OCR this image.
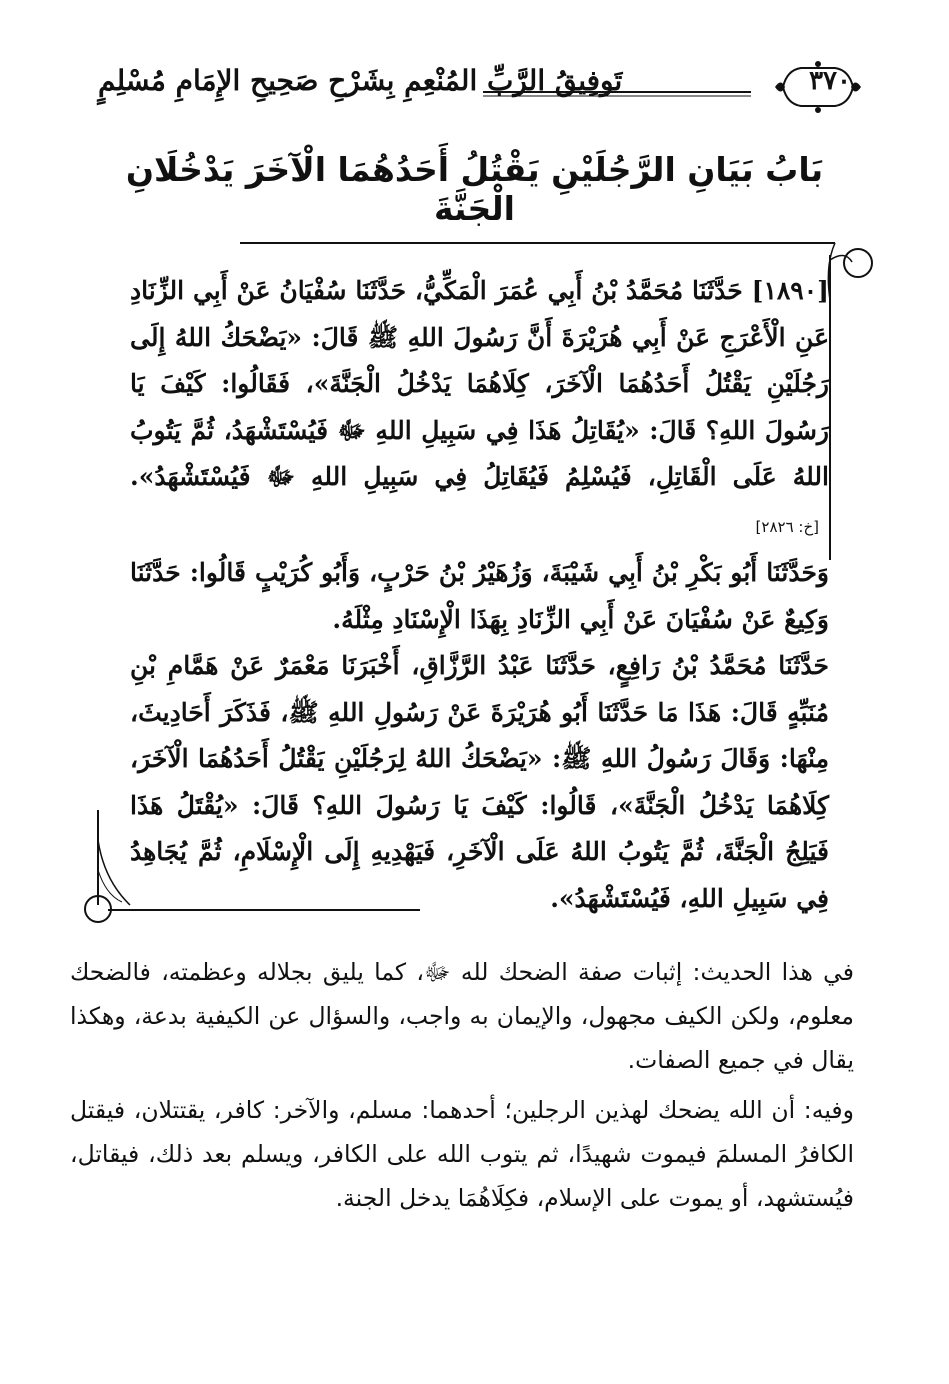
٣٧٠
تَوفِيقُ الرَّبِّ المُنْعِمِ بِشَرْحِ صَحِيحِ الإِمَامِ مُسْلِمٍ
بَابُ بَيَانِ الرَّجُلَيْنِ يَقْتُلُ أَحَدُهُمَا الْآخَرَ يَدْخُلَانِ الْجَنَّةَ

[١٨٩٠] حَدَّثَنَا مُحَمَّدُ بْنُ أَبِي عُمَرَ الْمَكِّيُّ، حَدَّثَنَا سُفْيَانُ عَنْ أَبِي الزِّنَادِ عَنِ الْأَعْرَجِ عَنْ أَبِي هُرَيْرَةَ أَنَّ رَسُولَ اللهِ ﷺ قَالَ: «يَضْحَكُ اللهُ إِلَى رَجُلَيْنِ يَقْتُلُ أَحَدُهُمَا الْآخَرَ، كِلَاهُمَا يَدْخُلُ الْجَنَّةَ»، فَقَالُوا: كَيْفَ يَا رَسُولَ اللهِ؟ قَالَ: «يُقَاتِلُ هَذَا فِي سَبِيلِ اللهِ ﷻ فَيُسْتَشْهَدُ، ثُمَّ يَتُوبُ اللهُ عَلَى الْقَاتِلِ، فَيُسْلِمُ فَيُقَاتِلُ فِي سَبِيلِ اللهِ ﷻ فَيُسْتَشْهَدُ». [خ: ٢٨٢٦]

وَحَدَّثَنَا أَبُو بَكْرِ بْنُ أَبِي شَيْبَةَ، وَزُهَيْرُ بْنُ حَرْبٍ، وَأَبُو كُرَيْبٍ قَالُوا: حَدَّثَنَا وَكِيعٌ عَنْ سُفْيَانَ عَنْ أَبِي الزِّنَادِ بِهَذَا الْإِسْنَادِ مِثْلَهُ.

حَدَّثَنَا مُحَمَّدُ بْنُ رَافِعٍ، حَدَّثَنَا عَبْدُ الرَّزَّاقِ، أَخْبَرَنَا مَعْمَرٌ عَنْ هَمَّامِ بْنِ مُنَبِّهٍ قَالَ: هَذَا مَا حَدَّثَنَا أَبُو هُرَيْرَةَ عَنْ رَسُولِ اللهِ ﷺ، فَذَكَرَ أَحَادِيثَ، مِنْهَا: وَقَالَ رَسُولُ اللهِ ﷺ: «يَضْحَكُ اللهُ لِرَجُلَيْنِ يَقْتُلُ أَحَدُهُمَا الْآخَرَ، كِلَاهُمَا يَدْخُلُ الْجَنَّةَ»، قَالُوا: كَيْفَ يَا رَسُولَ اللهِ؟ قَالَ: «يُقْتَلُ هَذَا فَيَلِجُ الْجَنَّةَ، ثُمَّ يَتُوبُ اللهُ عَلَى الْآخَرِ، فَيَهْدِيهِ إِلَى الْإِسْلَامِ، ثُمَّ يُجَاهِدُ فِي سَبِيلِ اللهِ، فَيُسْتَشْهَدُ».

في هذا الحديث: إثبات صفة الضحك لله ﷻ، كما يليق بجلاله وعظمته، فالضحك معلوم، ولكن الكيف مجهول، والإيمان به واجب، والسؤال عن الكيفية بدعة، وهكذا يقال في جميع الصفات.

وفيه: أن الله يضحك لهذين الرجلين؛ أحدهما: مسلم، والآخر: كافر، يقتتلان، فيقتل الكافرُ المسلمَ فيموت شهيدًا، ثم يتوب الله على الكافر، ويسلم بعد ذلك، فيقاتل، فيُستشهد، أو يموت على الإسلام، فكِلَاهُمَا يدخل الجنة.
